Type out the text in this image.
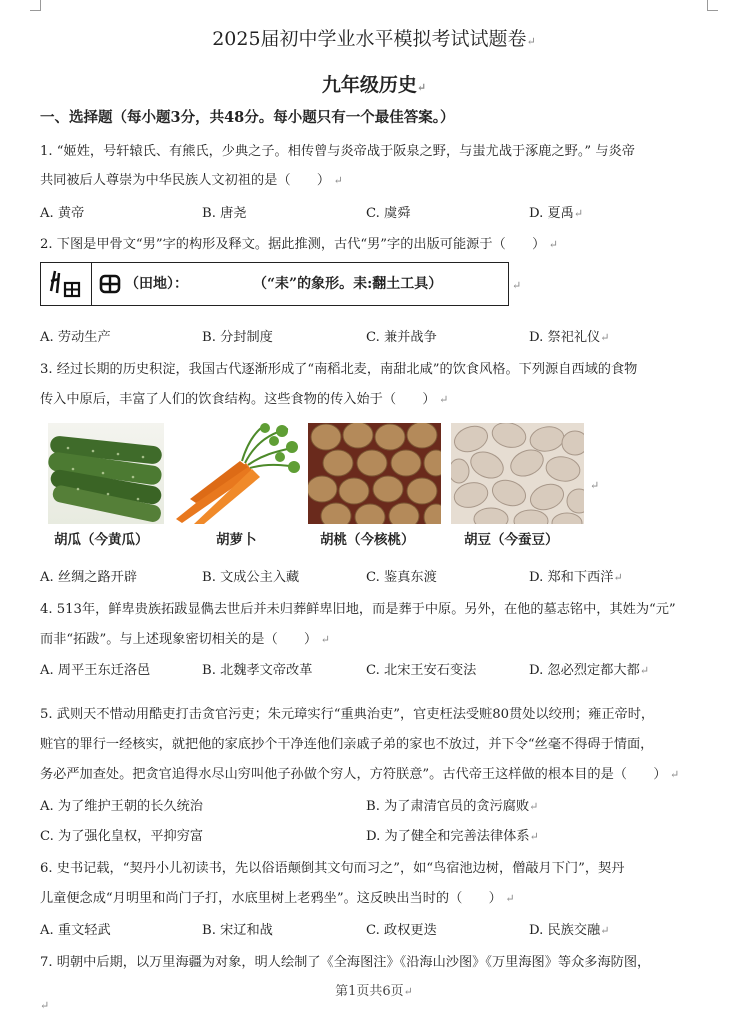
2025届初中学业水平模拟考试试题卷↵
九年级历史↵
一、选择题（每小题3分，共48分。每小题只有一个最佳答案。）
1. “姬姓，号轩辕氏、有熊氏，少典之子。相传曾与炎帝战于阪泉之野，与蚩尤战于涿鹿之野。” 与炎帝
共同被后人尊崇为中华民族人文初祖的是（　　） ↵
A. 黄帝	B. 唐尧	C. 虞舜	D. 夏禹↵
2. 下图是甲骨文“男”字的构形及释文。据此推测，古代“男”字的出版可能源于（　　） ↵
（田地）：	（“耒”的象形。耒:翻土工具）	↵
A. 劳动生产	B. 分封制度	C. 兼并战争	D. 祭祀礼仪↵
3. 经过长期的历史积淀，我国古代逐渐形成了“南稻北麦，南甜北咸”的饮食风格。下列源自西域的食物
传入中原后，丰富了人们的饮食结构。这些食物的传入始于（　　） ↵
↵
胡瓜（今黄瓜）	胡萝卜	胡桃（今核桃）	胡豆（今蚕豆）
A. 丝绸之路开辟	B. 文成公主入藏	C. 鉴真东渡	D. 郑和下西洋↵
4. 513年，鲜卑贵族拓跋显儁去世后并未归葬鲜卑旧地，而是葬于中原。另外，在他的墓志铭中，其姓为“元”
而非“拓跋”。与上述现象密切相关的是（　　） ↵
A. 周平王东迁洛邑	B. 北魏孝文帝改革	C. 北宋王安石变法	D. 忽必烈定都大都↵
5. 武则天不惜动用酷吏打击贪官污吏；朱元璋实行“重典治吏”，官吏枉法受赃80贯处以绞刑；雍正帝时，
赃官的罪行一经核实，就把他的家底抄个干净连他们亲戚子弟的家也不放过，并下令“丝毫不得碍于情面，
务必严加查处。把贪官追得水尽山穷叫他子孙做个穷人，方符朕意”。古代帝王这样做的根本目的是（　　） ↵
A. 为了维护王朝的长久统治	B. 为了肃清官员的贪污腐败↵
C. 为了强化皇权，平抑穷富	D. 为了健全和完善法律体系↵
6. 史书记载，“契丹小儿初读书，先以俗语颠倒其文句而习之”，如“鸟宿池边树，僧敲月下门”，契丹
儿童便念成“月明里和尚门子打，水底里树上老鸦坐”。这反映出当时的（　　） ↵
A. 重文轻武	B. 宋辽和战	C. 政权更迭	D. 民族交融↵
7. 明朝中后期，以万里海疆为对象，明人绘制了《全海图注》《沿海山沙图》《万里海图》等众多海防图，
第1页共6页↵
↵
